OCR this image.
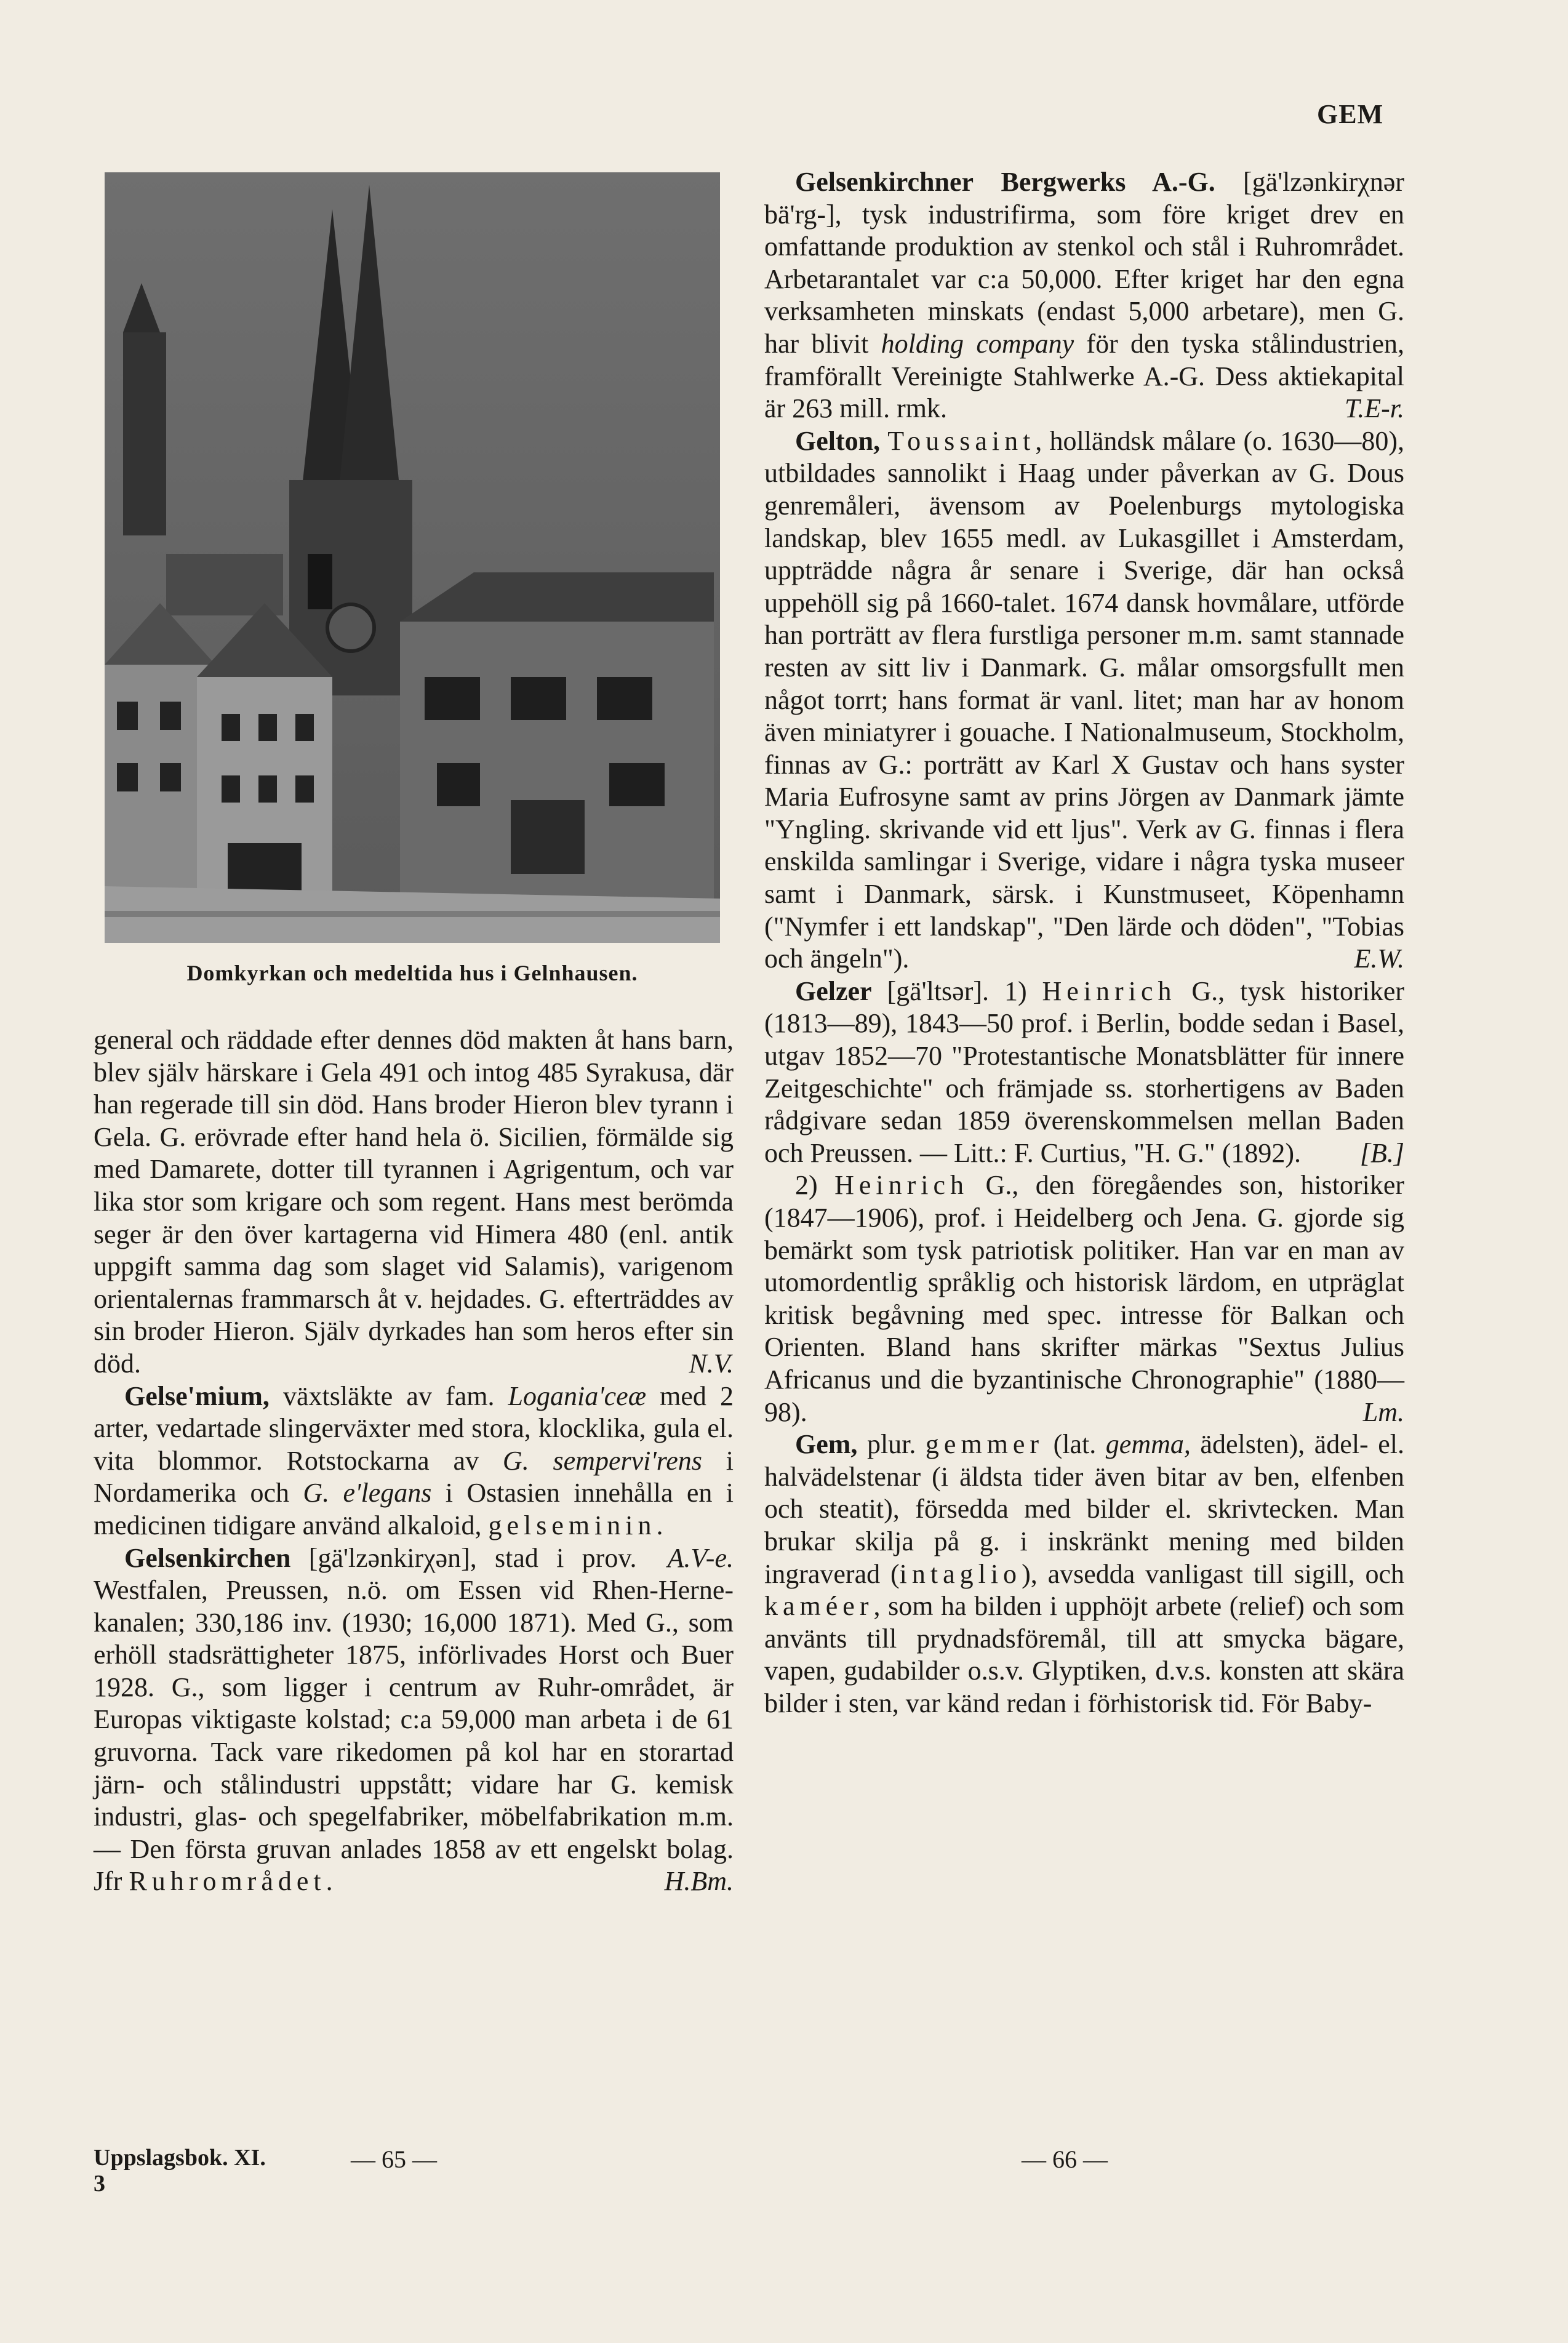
GEM
Domkyrkan och medeltida hus i Gelnhausen.

general och räddade efter dennes död makten åt hans barn, blev själv härskare i Gela 491 och intog 485 Syrakusa, där han regerade till sin död. Hans broder Hieron blev tyrann i Gela. G. erövrade efter hand hela ö. Sicilien, förmälde sig med Damarete, dotter till tyrannen i Agrigentum, och var lika stor som krigare och som regent. Hans mest berömda seger är den över kartagerna vid Himera 480 (enl. antik uppgift samma dag som slaget vid Salamis), varigenom orientalernas frammarsch åt v. hejdades. G. efterträddes av sin broder Hieron. Själv dyrkades han som heros efter sin död.	N.V.

Gelse'mium, växtsläkte av fam. Logania'ceæ med 2 arter, vedartade slingerväxter med stora, klocklika, gula el. vita blommor. Rotstockarna av G. sempervi'rens i Nordamerika och G. e'legans i Ostasien innehålla en i medicinen tidigare använd alkaloid, gelseminin.
A.V-e.

Gelsenkirchen [gä'lzənkirχən], stad i prov. Westfalen, Preussen, n.ö. om Essen vid Rhen-Herne-kanalen; 330,186 inv. (1930; 16,000 1871). Med G., som erhöll stadsrättigheter 1875, införlivades Horst och Buer 1928. G., som ligger i centrum av Ruhr-området, är Europas viktigaste kolstad; c:a 59,000 man arbeta i de 61 gruvorna. Tack vare rikedomen på kol har en storartad järn- och stålindustri uppstått; vidare har G. kemisk industri, glas- och spegelfabriker, möbelfabrikation m.m. — Den första gruvan anlades 1858 av ett engelskt bolag. Jfr Ruhrområdet.	H.Bm.

Gelsenkirchner Bergwerks A.-G. [gä'lzənkirχnər bä'rg-], tysk industrifirma, som före kriget drev en omfattande produktion av stenkol och stål i Ruhrområdet. Arbetarantalet var c:a 50,000. Efter kriget har den egna verksamheten minskats (endast 5,000 arbetare), men G. har blivit holding company för den tyska stålindustrien, framförallt Vereinigte Stahlwerke A.-G. Dess aktiekapital är 263 mill. rmk.	T.E-r.

Gelton, Toussaint, holländsk målare (o. 1630—80), utbildades sannolikt i Haag under påverkan av G. Dous genremåleri, ävensom av Poelenburgs mytologiska landskap, blev 1655 medl. av Lukasgillet i Amsterdam, uppträdde några år senare i Sverige, där han också uppehöll sig på 1660-talet. 1674 dansk hovmålare, utförde han porträtt av flera furstliga personer m.m. samt stannade resten av sitt liv i Danmark. G. målar omsorgsfullt men något torrt; hans format är vanl. litet; man har av honom även miniatyrer i gouache. I Nationalmuseum, Stockholm, finnas av G.: porträtt av Karl X Gustav och hans syster Maria Eufrosyne samt av prins Jörgen av Danmark jämte "Yngling. skrivande vid ett ljus". Verk av G. finnas i flera enskilda samlingar i Sverige, vidare i några tyska museer samt i Danmark, särsk. i Kunstmuseet, Köpenhamn ("Nymfer i ett landskap", "Den lärde och döden", "Tobias och ängeln").	E.W.

Gelzer [gä'ltsər]. 1) Heinrich G., tysk historiker (1813—89), 1843—50 prof. i Berlin, bodde sedan i Basel, utgav 1852—70 "Protestantische Monatsblätter für innere Zeitgeschichte" och främjade ss. storhertigens av Baden rådgivare sedan 1859 överenskommelsen mellan Baden och Preussen. — Litt.: F. Curtius, "H. G." (1892).	[B.]

2) Heinrich G., den föregåendes son, historiker (1847—1906), prof. i Heidelberg och Jena. G. gjorde sig bemärkt som tysk patriotisk politiker. Han var en man av utomordentlig språklig och historisk lärdom, en utpräglat kritisk begåvning med spec. intresse för Balkan och Orienten. Bland hans skrifter märkas "Sextus Julius Africanus und die byzantinische Chronographie" (1880—98).	Lm.

Gem, plur. gemmer (lat. gemma, ädelsten), ädel- el. halvädelstenar (i äldsta tider även bitar av ben, elfenben och steatit), försedda med bilder el. skrivtecken. Man brukar skilja på g. i inskränkt mening med bilden ingraverad (intaglio), avsedda vanligast till sigill, och kaméer, som ha bilden i upphöjt arbete (relief) och som använts till prydnadsföremål, till att smycka bägare, vapen, gudabilder o.s.v. Glyptiken, d.v.s. konsten att skära bilder i sten, var känd redan i förhistorisk tid. För Baby-

Uppslagsbok. XI.
3
— 65 —	— 66 —
